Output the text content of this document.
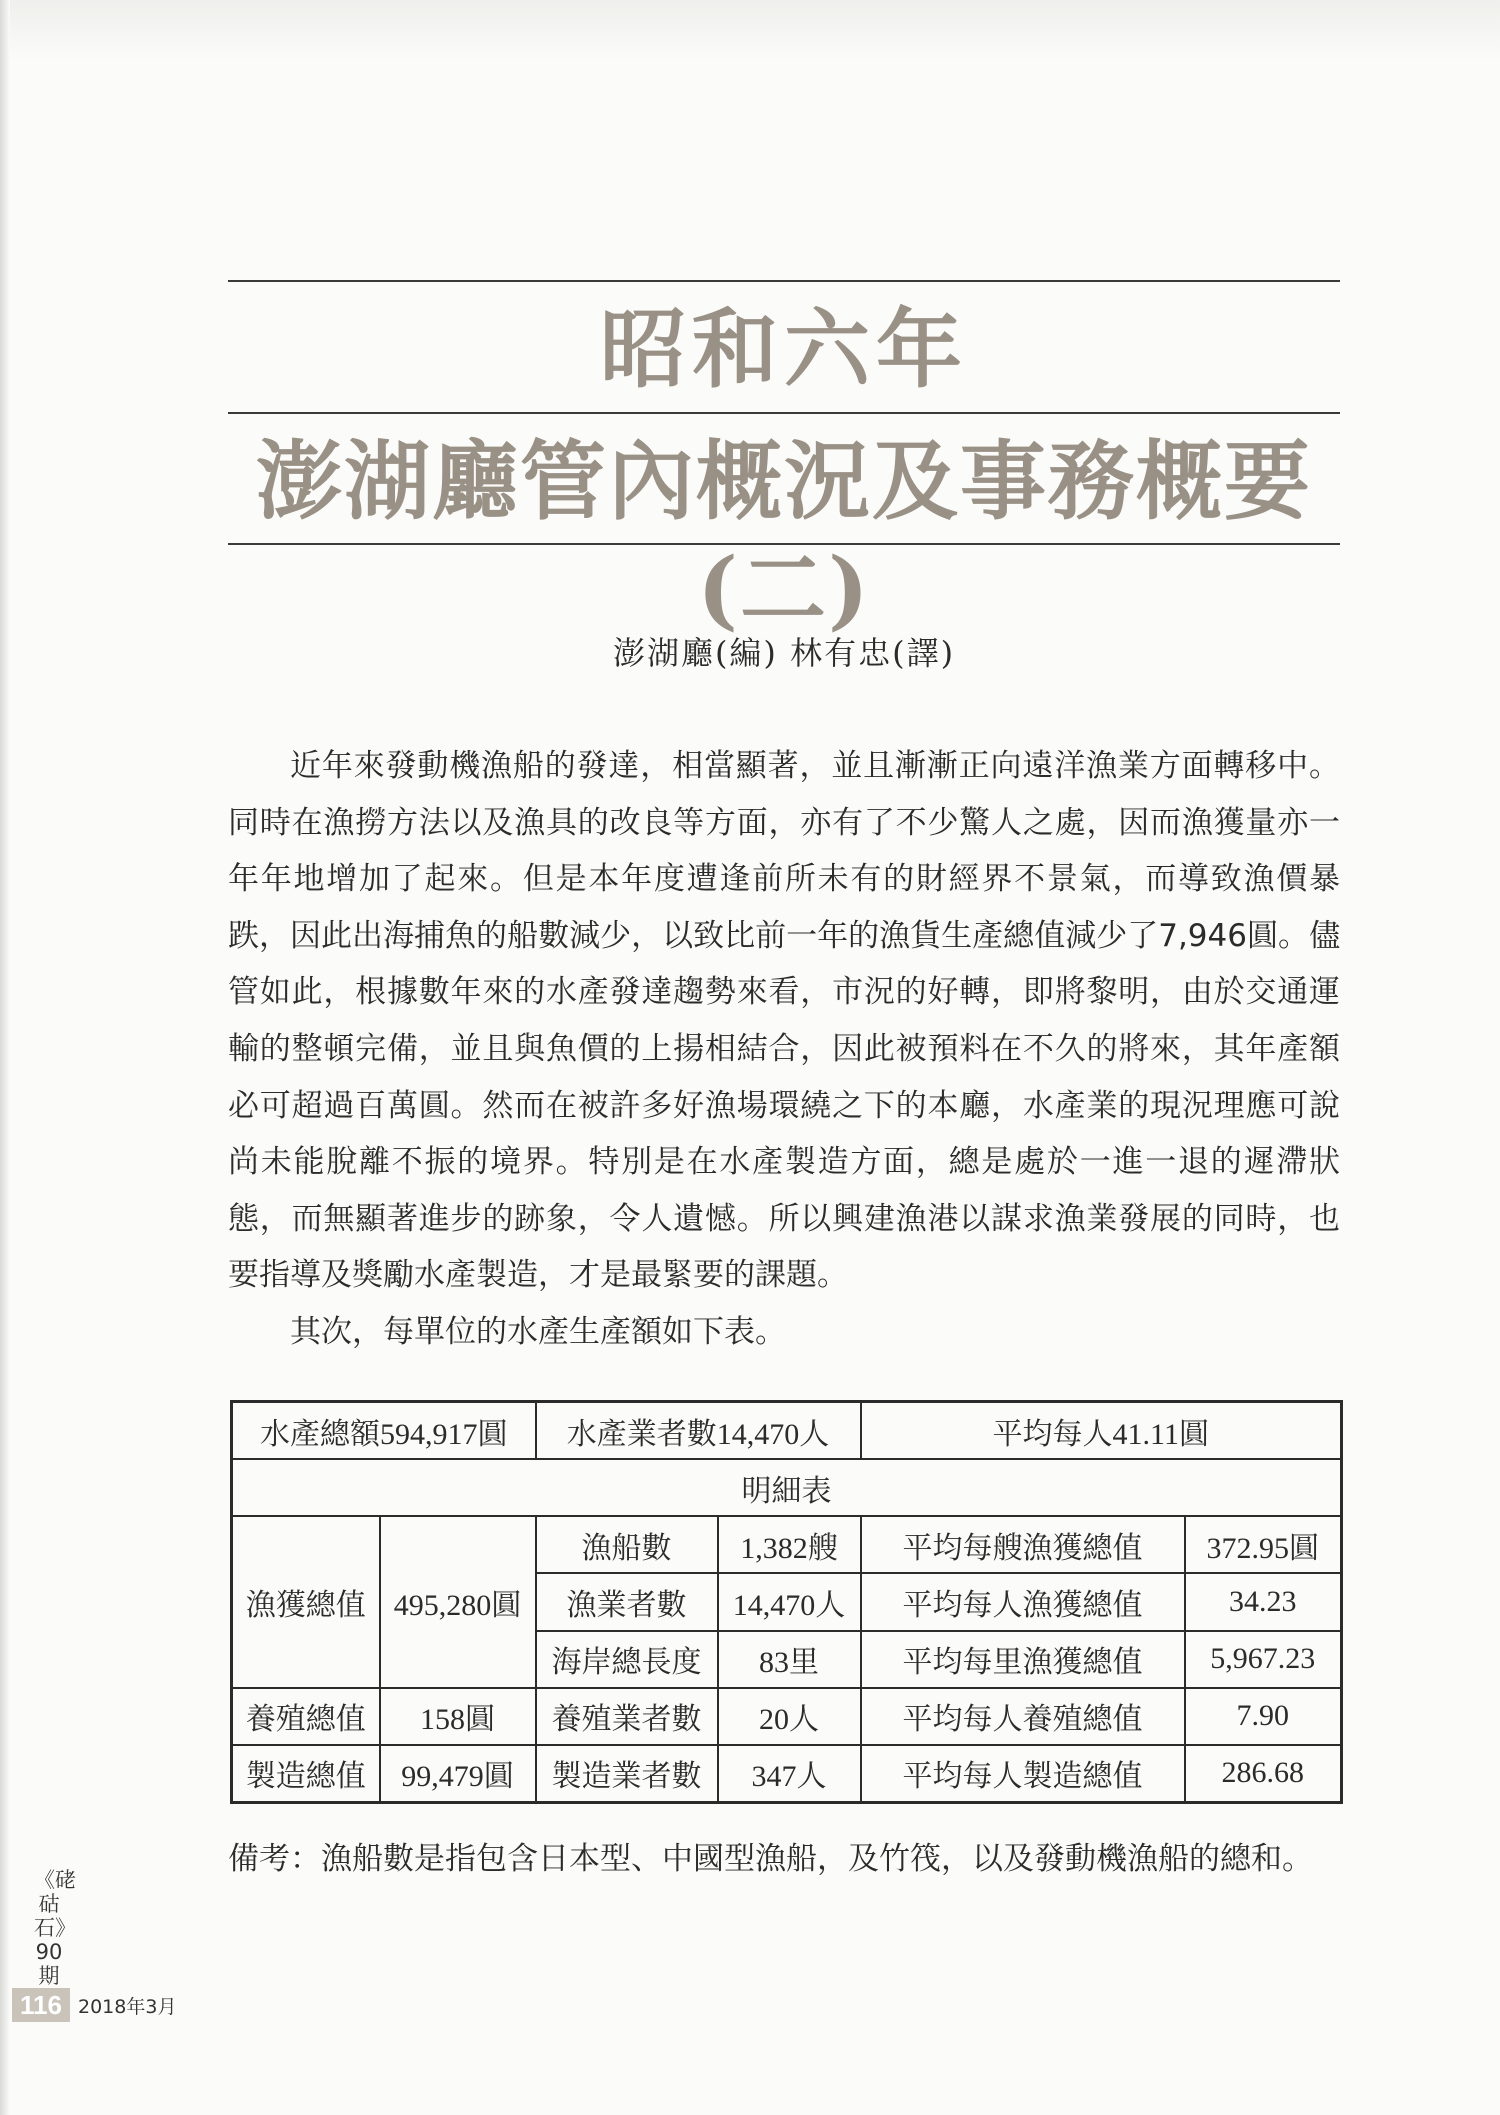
昭和六年
澎湖廳管內概況及事務概要(二)
澎湖廳(編) 林有忠(譯)

近年來發動機漁船的發達，相當顯著，並且漸漸正向遠洋漁業方面轉移中。同時在漁撈方法以及漁具的改良等方面，亦有了不少驚人之處，因而漁獲量亦一年年地增加了起來。但是本年度遭逢前所未有的財經界不景氣，而導致漁價暴跌，因此出海捕魚的船數減少，以致比前一年的漁貨生產總值減少了7,946圓。儘管如此，根據數年來的水產發達趨勢來看，市況的好轉，即將黎明，由於交通運輸的整頓完備，並且與魚價的上揚相結合，因此被預料在不久的將來，其年產額必可超過百萬圓。然而在被許多好漁場環繞之下的本廳，水產業的現況理應可說尚未能脫離不振的境界。特別是在水產製造方面，總是處於一進一退的遲滯狀態，而無顯著進步的跡象，令人遺憾。所以興建漁港以謀求漁業發展的同時，也要指導及獎勵水產製造，才是最緊要的課題。

其次，每單位的水產生產額如下表。

水產總額594,917圓		水產業者數14,470人		平均每人41.11圓	
明細表					
漁獲總值	495,280圓	漁船數	1,382艘	平均每艘漁獲總值	372.95圓
		漁業者數	14,470人	平均每人漁獲總值	34.23
		海岸總長度	83里	平均每里漁獲總值	5,967.23
養殖總值	158圓	養殖業者數	20人	平均每人養殖總值	7.90
製造總值	99,479圓	製造業者數	347人	平均每人製造總值	286.68
備考：漁船數是指包含日本型、中國型漁船，及竹筏，以及發動機漁船的總和。
《硓𥑮石》90期
116 2018年3月
